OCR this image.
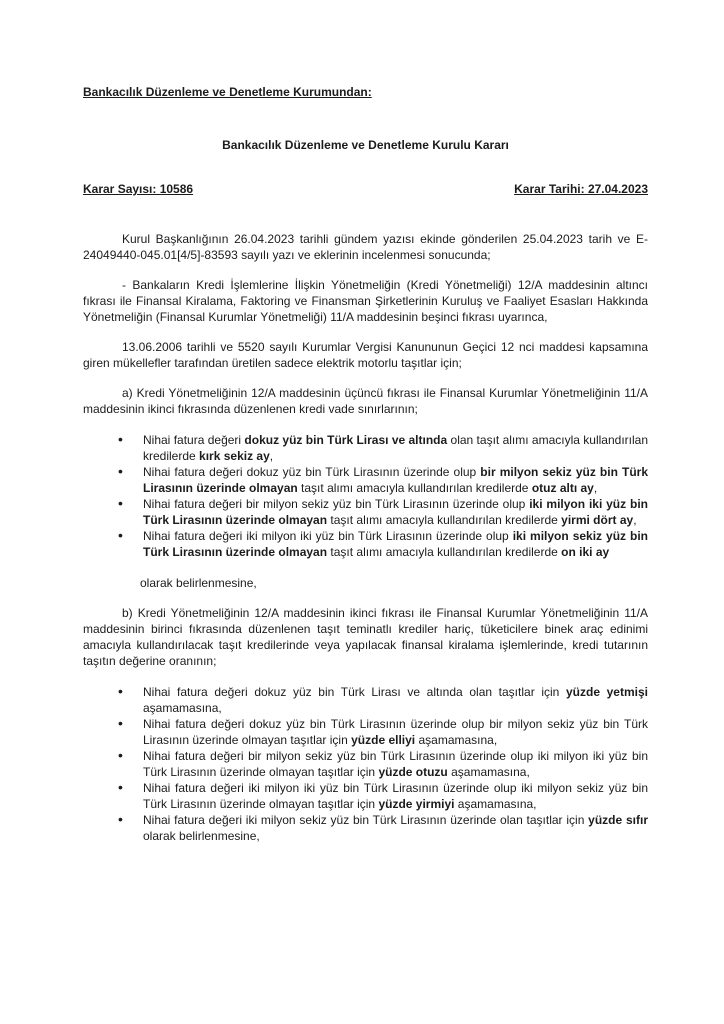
Bankacılık Düzenleme ve Denetleme Kurumundan:
Bankacılık Düzenleme ve Denetleme Kurulu Kararı
Karar Sayısı: 10586	Karar Tarihi: 27.04.2023

Kurul Başkanlığının 26.04.2023 tarihli gündem yazısı ekinde gönderilen 25.04.2023 tarih ve E-24049440-045.01[4/5]-83593 sayılı yazı ve eklerinin incelenmesi sonucunda;

- Bankaların Kredi İşlemlerine İlişkin Yönetmeliğin (Kredi Yönetmeliği) 12/A maddesinin altıncı fıkrası ile Finansal Kiralama, Faktoring ve Finansman Şirketlerinin Kuruluş ve Faaliyet Esasları Hakkında Yönetmeliğin (Finansal Kurumlar Yönetmeliği) 11/A maddesinin beşinci fıkrası uyarınca,

13.06.2006 tarihli ve 5520 sayılı Kurumlar Vergisi Kanununun Geçici 12 nci maddesi kapsamına giren mükellefler tarafından üretilen sadece elektrik motorlu taşıtlar için;

a) Kredi Yönetmeliğinin 12/A maddesinin üçüncü fıkrası ile Finansal Kurumlar Yönetmeliğinin 11/A maddesinin ikinci fıkrasında düzenlenen kredi vade sınırlarının;

• Nihai fatura değeri dokuz yüz bin Türk Lirası ve altında olan taşıt alımı amacıyla kullandırılan kredilerde kırk sekiz ay,
• Nihai fatura değeri dokuz yüz bin Türk Lirasının üzerinde olup bir milyon sekiz yüz bin Türk Lirasının üzerinde olmayan taşıt alımı amacıyla kullandırılan kredilerde otuz altı ay,
• Nihai fatura değeri bir milyon sekiz yüz bin Türk Lirasının üzerinde olup iki milyon iki yüz bin Türk Lirasının üzerinde olmayan taşıt alımı amacıyla kullandırılan kredilerde yirmi dört ay,
• Nihai fatura değeri iki milyon iki yüz bin Türk Lirasının üzerinde olup iki milyon sekiz yüz bin Türk Lirasının üzerinde olmayan taşıt alımı amacıyla kullandırılan kredilerde on iki ay

olarak belirlenmesine,

b) Kredi Yönetmeliğinin 12/A maddesinin ikinci fıkrası ile Finansal Kurumlar Yönetmeliğinin 11/A maddesinin birinci fıkrasında düzenlenen taşıt teminatlı krediler hariç, tüketicilere binek araç edinimi amacıyla kullandırılacak taşıt kredilerinde veya yapılacak finansal kiralama işlemlerinde, kredi tutarının taşıtın değerine oranının;

• Nihai fatura değeri dokuz yüz bin Türk Lirası ve altında olan taşıtlar için yüzde yetmişi aşamamasına,
• Nihai fatura değeri dokuz yüz bin Türk Lirasının üzerinde olup bir milyon sekiz yüz bin Türk Lirasının üzerinde olmayan taşıtlar için yüzde elliyi aşamamasına,
• Nihai fatura değeri bir milyon sekiz yüz bin Türk Lirasının üzerinde olup iki milyon iki yüz bin Türk Lirasının üzerinde olmayan taşıtlar için yüzde otuzu aşamamasına,
• Nihai fatura değeri iki milyon iki yüz bin Türk Lirasının üzerinde olup iki milyon sekiz yüz bin Türk Lirasının üzerinde olmayan taşıtlar için yüzde yirmiyi aşamamasına,
• Nihai fatura değeri iki milyon sekiz yüz bin Türk Lirasının üzerinde olan taşıtlar için yüzde sıfır olarak belirlenmesine,
